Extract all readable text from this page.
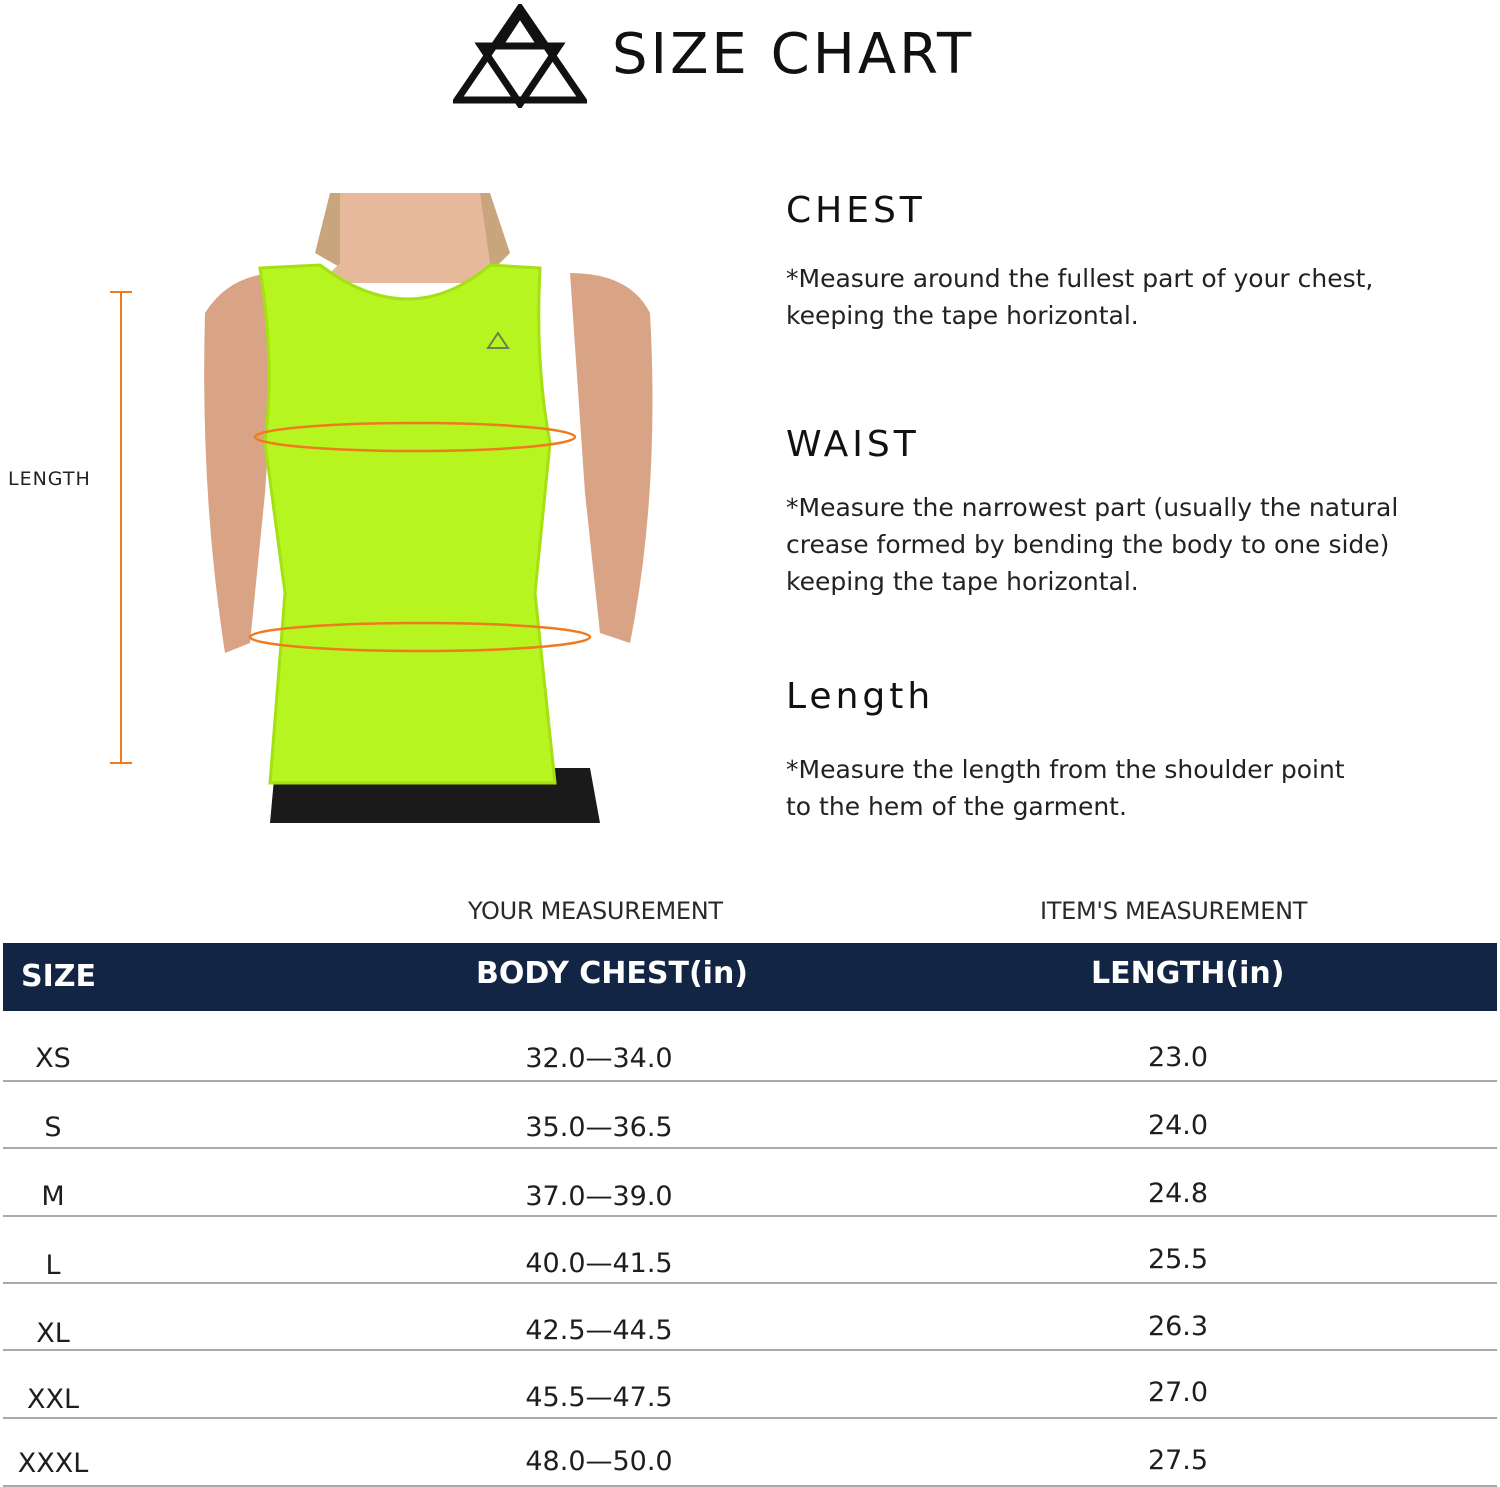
SIZE CHART
LENGTH
CHEST
*Measure around the fullest part of your chest,
keeping the tape horizontal.
WAIST
*Measure the narrowest part (usually the natural
crease formed by bending the body to one side)
keeping the tape horizontal.
Length
*Measure the length from the shoulder point
to the hem of the garment.
YOUR MEASUREMENT	ITEM'S MEASUREMENT
SIZE	BODY CHEST(in)	LENGTH(in)
XS	32.0—34.0	23.0
S	35.0—36.5	24.0
M	37.0—39.0	24.8
L	40.0—41.5	25.5
XL	42.5—44.5	26.3
XXL	45.5—47.5	27.0
XXXL	48.0—50.0	27.5
